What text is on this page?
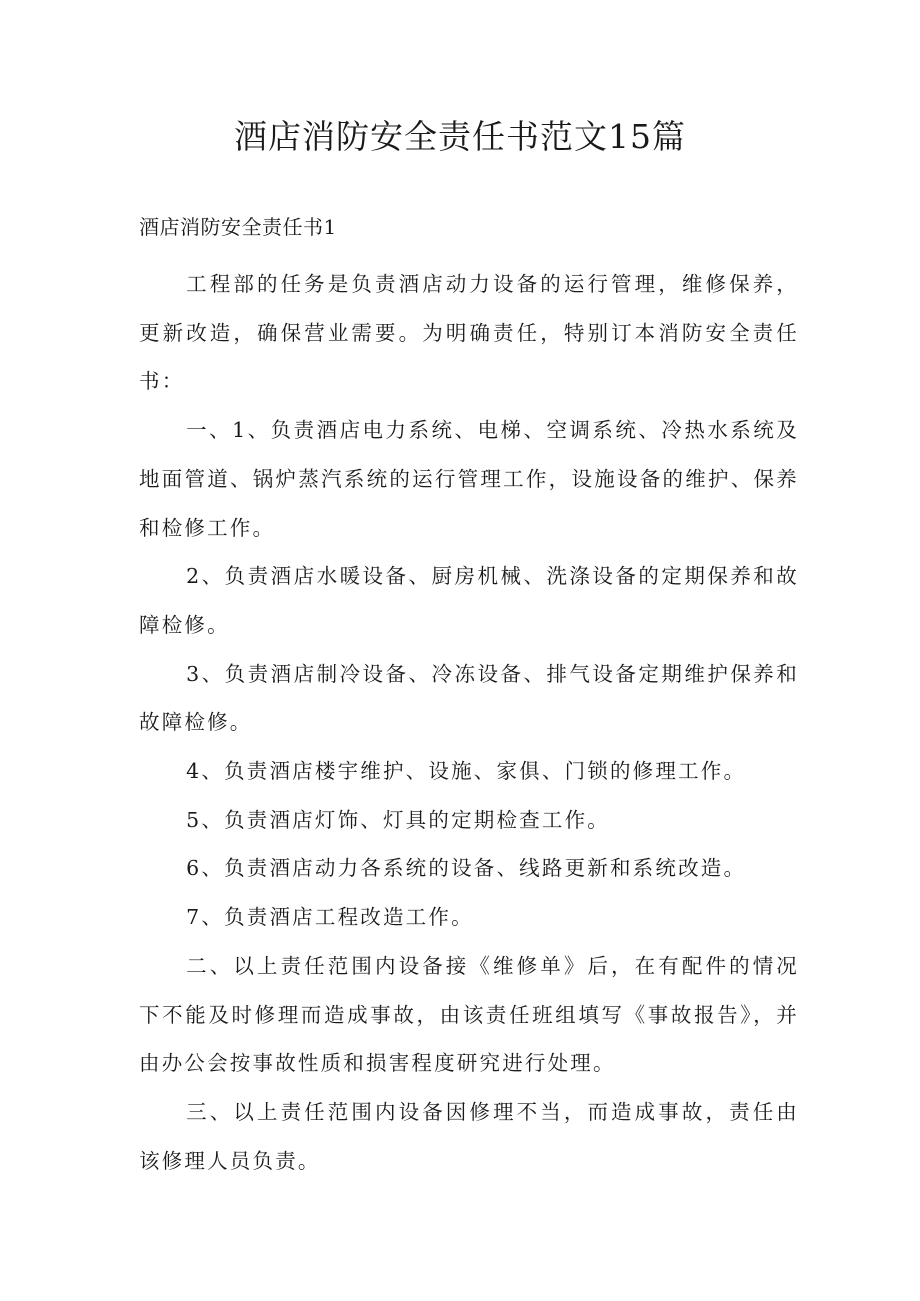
酒店消防安全责任书范文15篇
酒店消防安全责任书1

工程部的任务是负责酒店动力设备的运行管理，维修保养，更新改造，确保营业需要。为明确责任，特别订本消防安全责任书：

一、1、负责酒店电力系统、电梯、空调系统、冷热水系统及地面管道、锅炉蒸汽系统的运行管理工作，设施设备的维护、保养和检修工作。

2、负责酒店水暖设备、厨房机械、洗涤设备的定期保养和故障检修。

3、负责酒店制冷设备、冷冻设备、排气设备定期维护保养和故障检修。

4、负责酒店楼宇维护、设施、家俱、门锁的修理工作。

5、负责酒店灯饰、灯具的定期检查工作。

6、负责酒店动力各系统的设备、线路更新和系统改造。

7、负责酒店工程改造工作。

二、以上责任范围内设备接《维修单》后，在有配件的情况下不能及时修理而造成事故，由该责任班组填写《事故报告》，并由办公会按事故性质和损害程度研究进行处理。

三、以上责任范围内设备因修理不当，而造成事故，责任由该修理人员负责。
